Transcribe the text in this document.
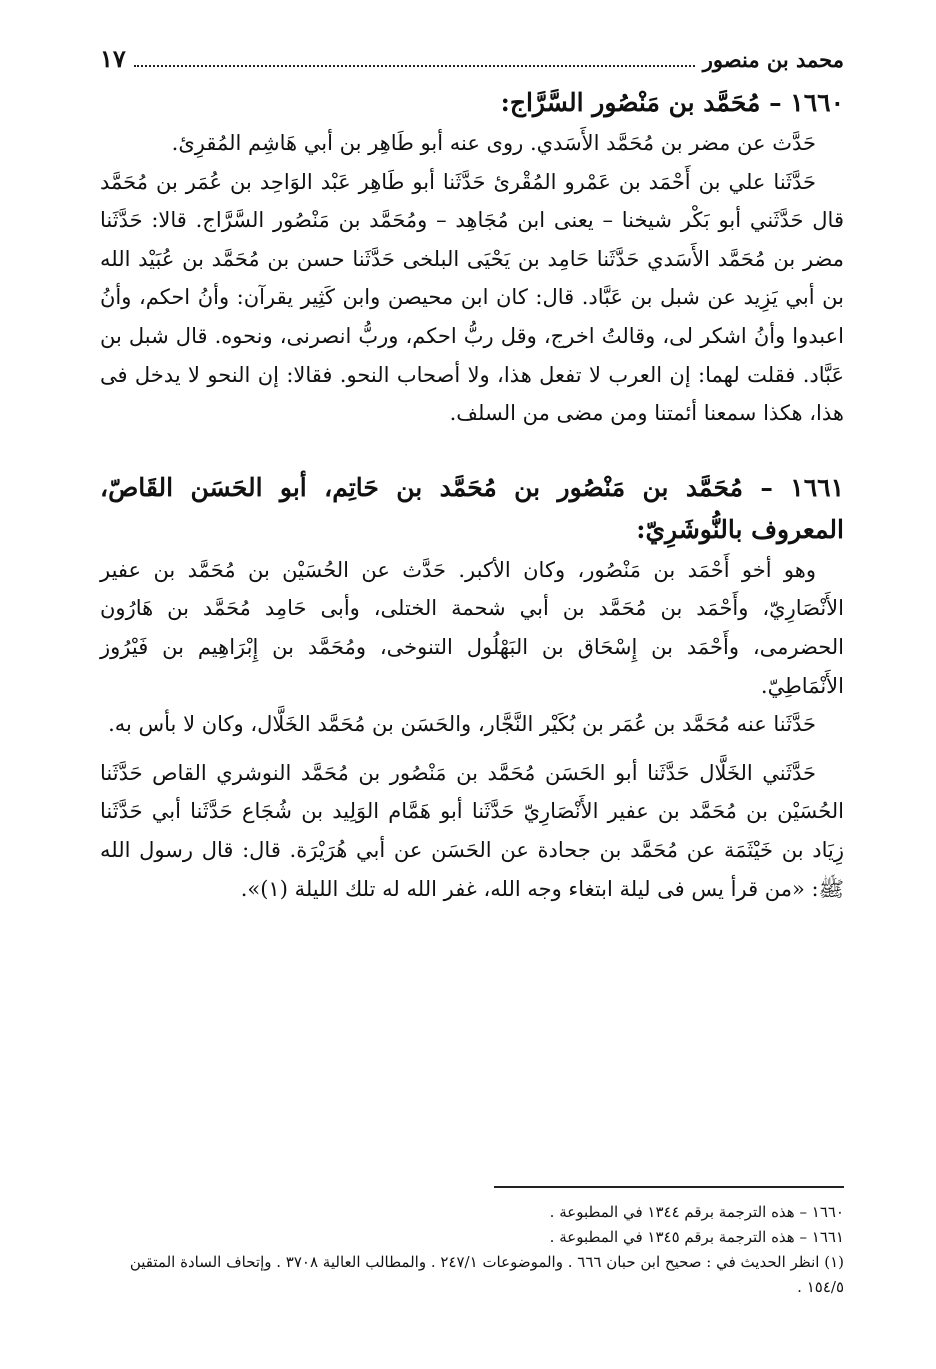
محمد بن منصور
١٧
١٦٦٠ – مُحَمَّد بن مَنْصُور السَّرَّاج:

حَدَّث عن مضر بن مُحَمَّد الأَسَدي. روى عنه أبو طَاهِر بن أبي هَاشِم المُقرِئ.

حَدَّثَنا علي بن أَحْمَد بن عَمْرو المُقْرئ حَدَّثَنا أبو طَاهِر عَبْد الوَاحِد بن عُمَر بن مُحَمَّد قال حَدَّثَني أبو بَكْر شيخنا – يعنى ابن مُجَاهِد – ومُحَمَّد بن مَنْصُور السَّرَّاج. قالا: حَدَّثَنا مضر بن مُحَمَّد الأَسَدي حَدَّثَنا حَامِد بن يَحْيَى البلخى حَدَّثَنا حسن بن مُحَمَّد بن عُبَيْد الله بن أبي يَزِيد عن شبل بن عَبَّاد. قال: كان ابن محيصن وابن كَثِير يقرآن: وأنُ احكم، وأنُ اعبدوا وأنُ اشكر لى، وقالتُ اخرج، وقل ربُّ احكم، وربُّ انصرنى، ونحوه. قال شبل بن عَبَّاد. فقلت لهما: إن العرب لا تفعل هذا، ولا أصحاب النحو. فقالا: إن النحو لا يدخل فى هذا، هكذا سمعنا أئمتنا ومن مضى من السلف.

١٦٦١ – مُحَمَّد بن مَنْصُور بن مُحَمَّد بن حَاتِم، أبو الحَسَن القَاصّ، المعروف بالنُّوشَرِيّ:

وهو أخو أَحْمَد بن مَنْصُور، وكان الأكبر. حَدَّث عن الحُسَيْن بن مُحَمَّد بن عفير الأَنْصَارِيّ، وأَحْمَد بن مُحَمَّد بن أبي شحمة الختلى، وأبى حَامِد مُحَمَّد بن هَارُون الحضرمى، وأَحْمَد بن إِسْحَاق بن البَهْلُول التنوخى، ومُحَمَّد بن إِبْرَاهِيم بن فَيْرُوز الأَنْمَاطِيّ.

حَدَّثَنا عنه مُحَمَّد بن عُمَر بن بُكَيْر النَّجَّار، والحَسَن بن مُحَمَّد الخَلَّال، وكان لا بأس به.

حَدَّثَني الخَلَّال حَدَّثَنا أبو الحَسَن مُحَمَّد بن مَنْصُور بن مُحَمَّد النوشري القاص حَدَّثَنا الحُسَيْن بن مُحَمَّد بن عفير الأَنْصَارِيّ حَدَّثَنا أبو هَمَّام الوَلِيد بن شُجَاع حَدَّثَنا أبي حَدَّثَنا زِيَاد بن خَيْثَمَة عن مُحَمَّد بن جحادة عن الحَسَن عن أبي هُرَيْرَة. قال: قال رسول الله ﷺ: «من قرأ يس فى ليلة ابتغاء وجه الله، غفر الله له تلك الليلة (١)».

١٦٦٠ – هذه الترجمة برقم ١٣٤٤ في المطبوعة .

١٦٦١ – هذه الترجمة برقم ١٣٤٥ في المطبوعة .

(١) انظر الحديث في : صحيح ابن حبان ٦٦٦ . والموضوعات ٢٤٧/١ . والمطالب العالية ٣٧٠٨ . وإتحاف السادة المتقين ١٥٤/٥ .
